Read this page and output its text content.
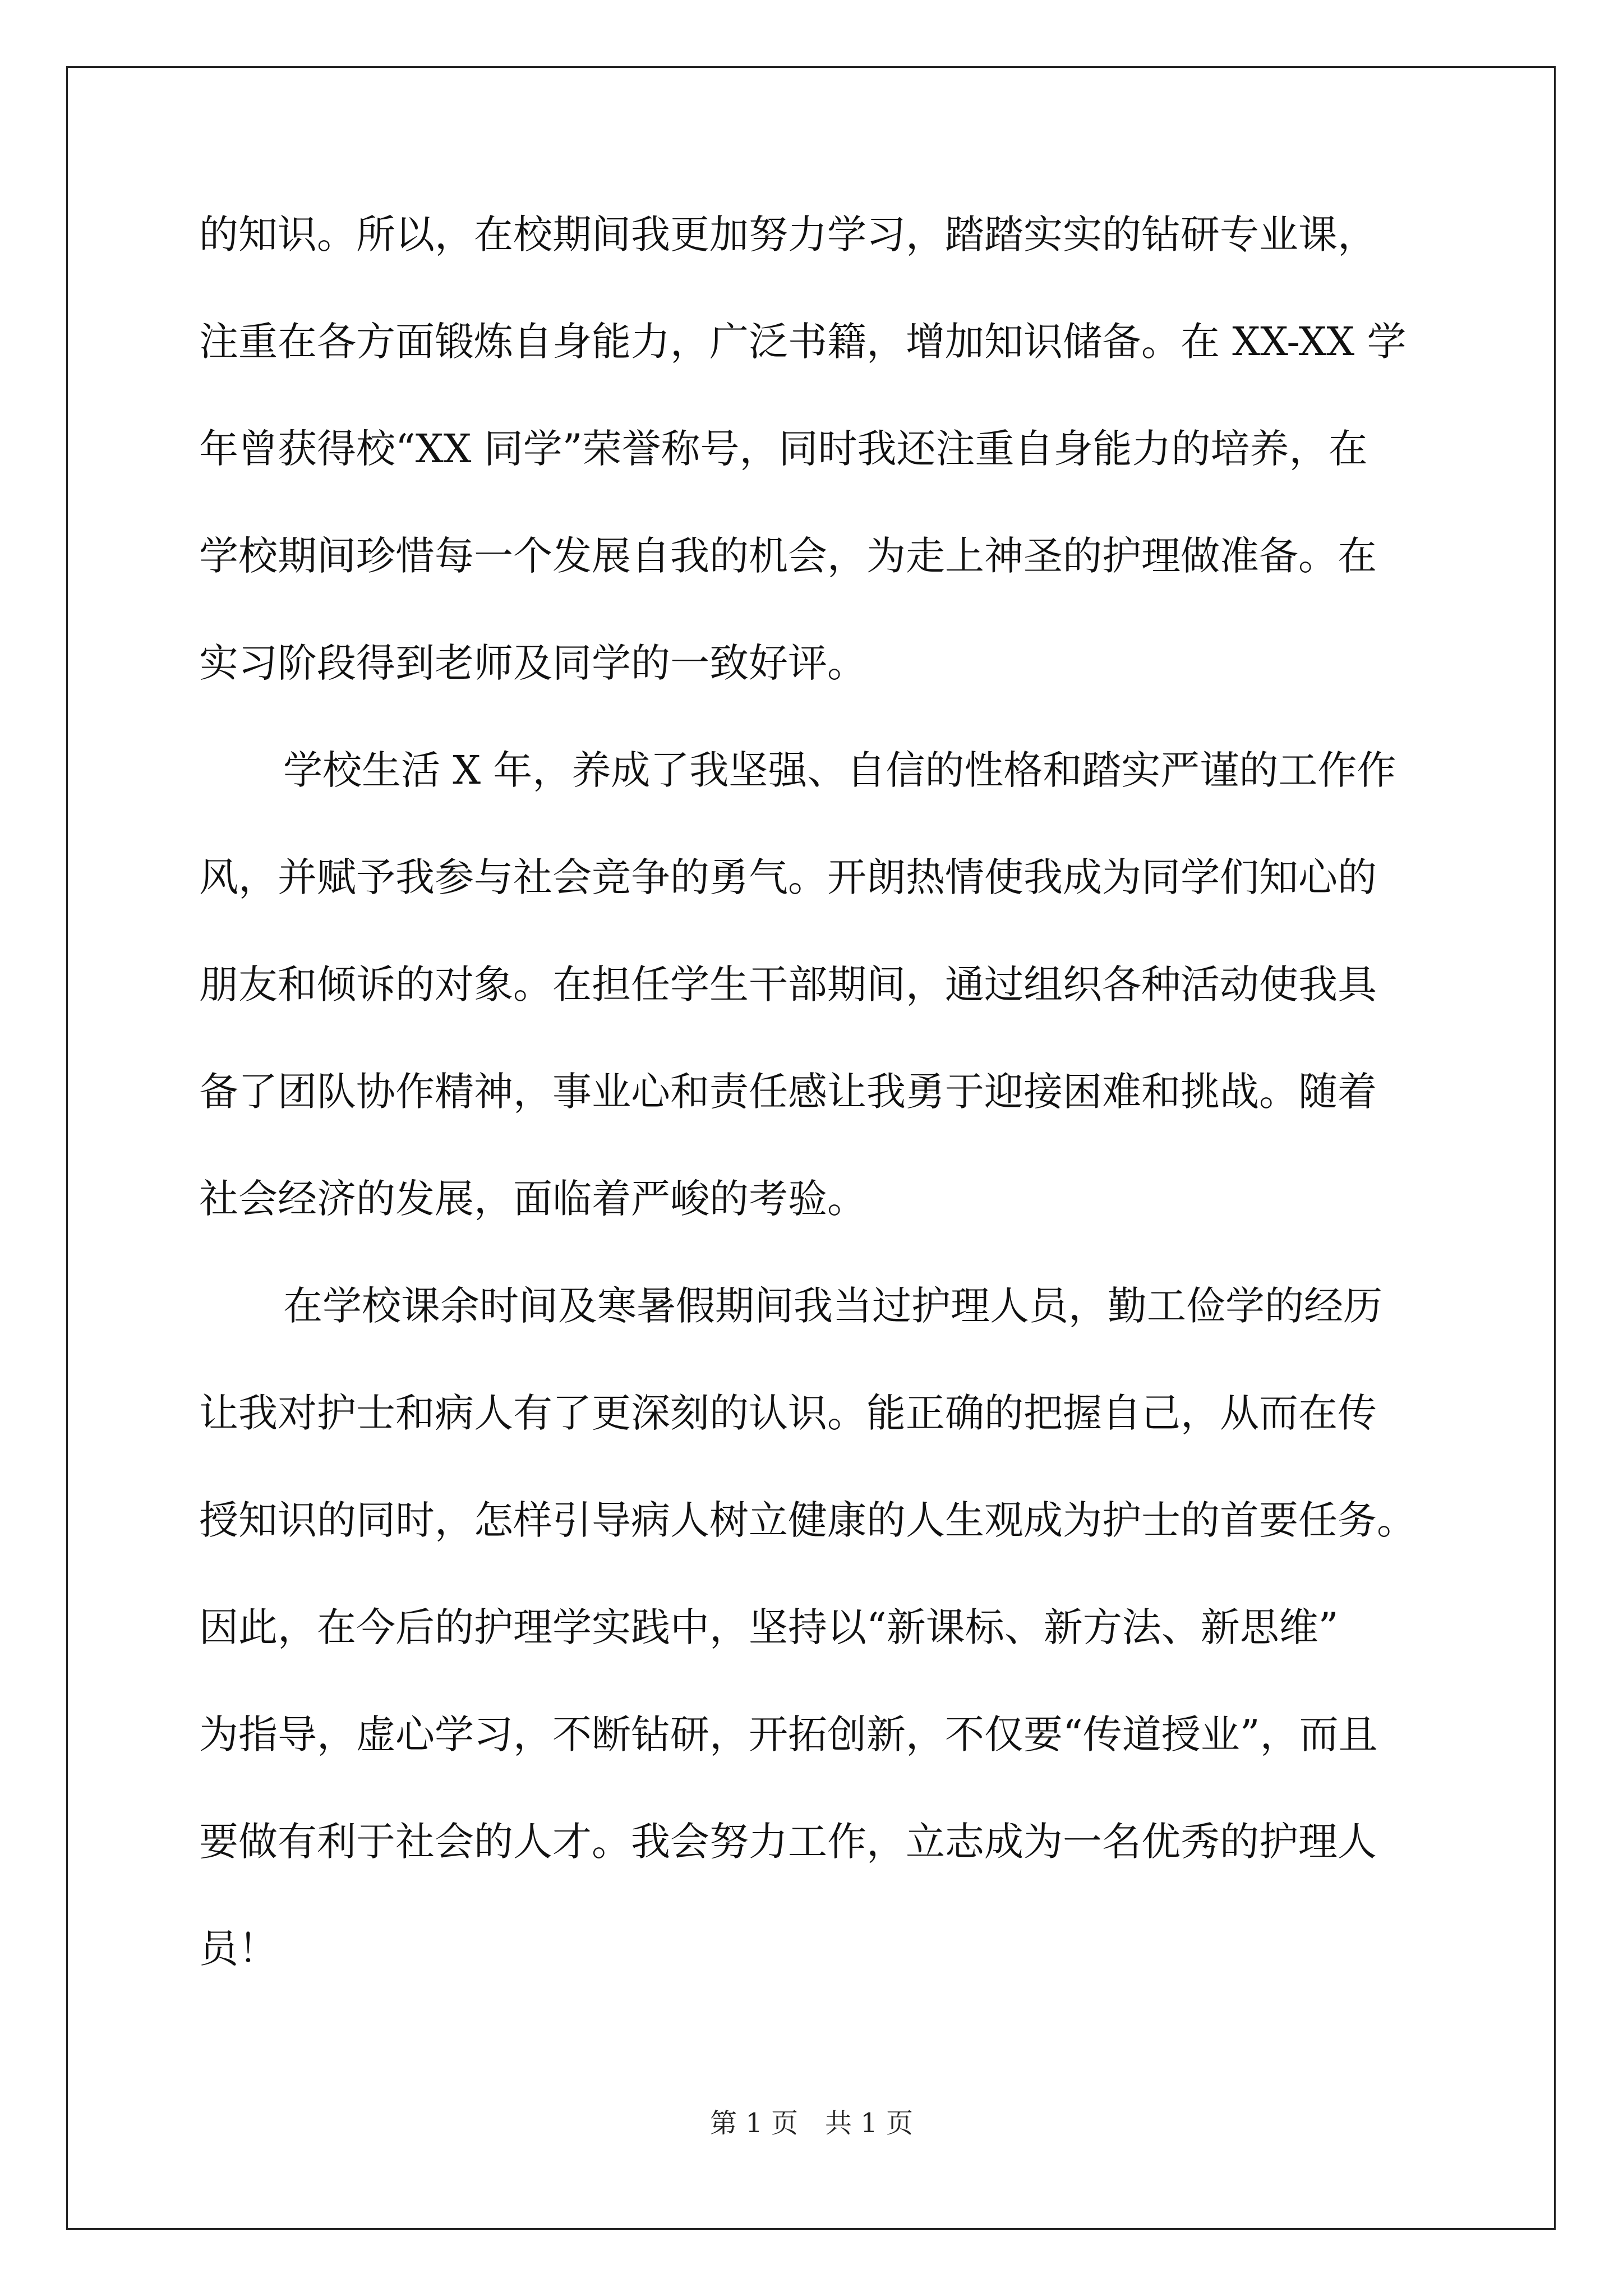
的知识。所以，在校期间我更加努力学习，踏踏实实的钻研专业课，
注重在各方面锻炼自身能力，广泛书籍，增加知识储备。在 XX-XX 学
年曾获得校“XX 同学”荣誉称号，同时我还注重自身能力的培养，在
学校期间珍惜每一个发展自我的机会，为走上神圣的护理做准备。在
实习阶段得到老师及同学的一致好评。
学校生活 X 年，养成了我坚强、自信的性格和踏实严谨的工作作
风，并赋予我参与社会竞争的勇气。开朗热情使我成为同学们知心的
朋友和倾诉的对象。在担任学生干部期间，通过组织各种活动使我具
备了团队协作精神，事业心和责任感让我勇于迎接困难和挑战。随着
社会经济的发展，面临着严峻的考验。
在学校课余时间及寒暑假期间我当过护理人员，勤工俭学的经历
让我对护士和病人有了更深刻的认识。能正确的把握自己，从而在传
授知识的同时，怎样引导病人树立健康的人生观成为护士的首要任务。
因此，在今后的护理学实践中，坚持以“新课标、新方法、新思维”
为指导，虚心学习，不断钻研，开拓创新，不仅要“传道授业”，而且
要做有利于社会的人才。我会努力工作，立志成为一名优秀的护理人
员！
第 1 页　共 1 页
